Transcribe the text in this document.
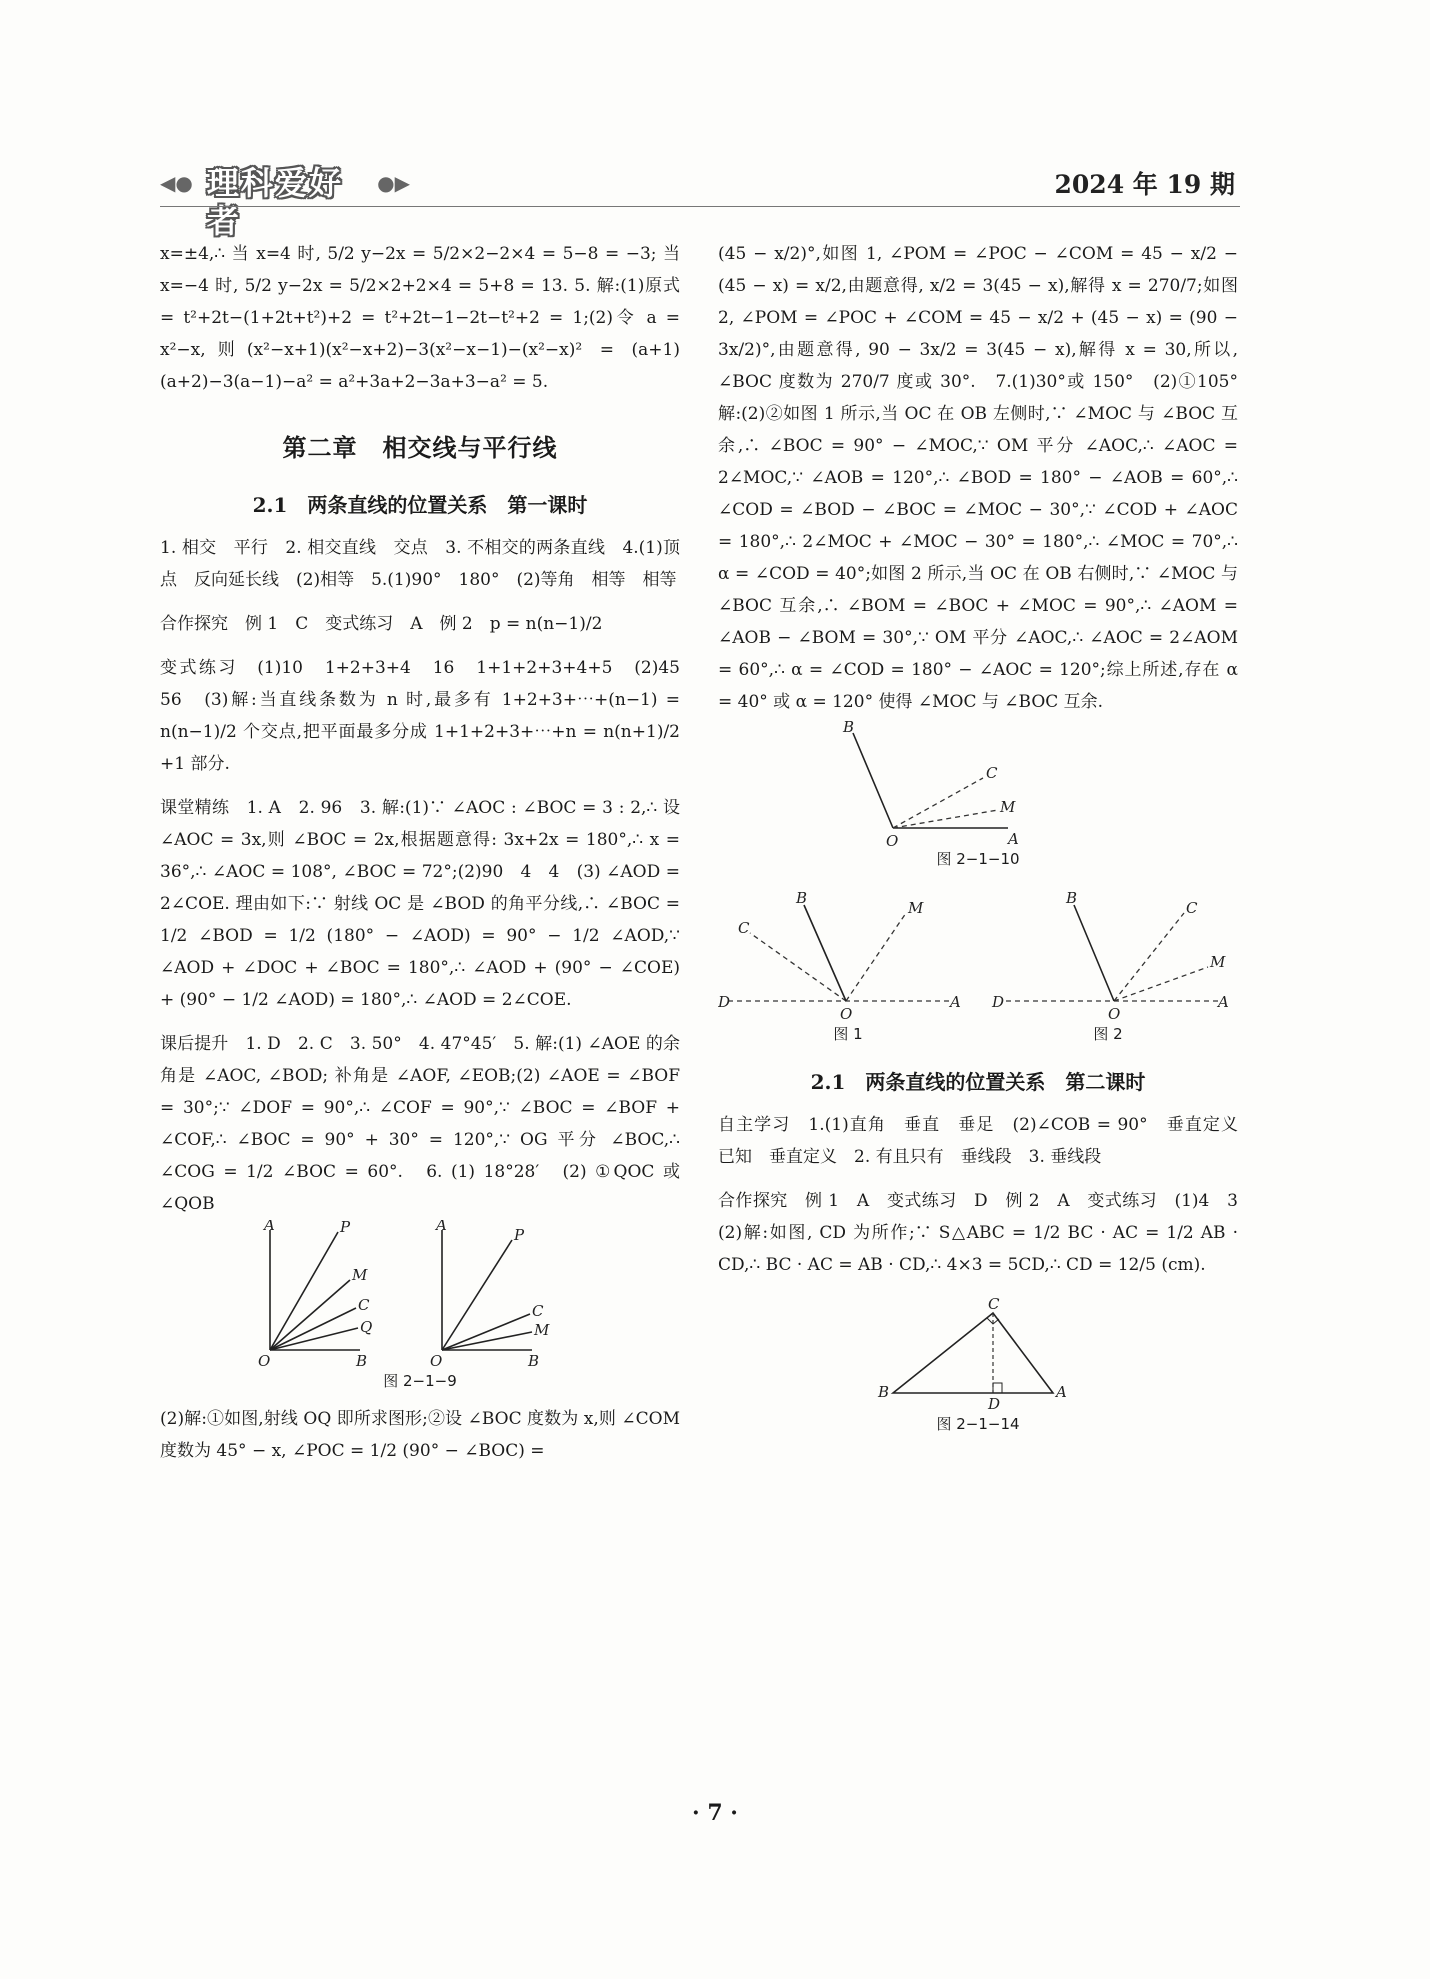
◀● 理科爱好者
●▶	2024 年 19 期

x=±4,∴ 当 x=4 时, 5/2 y−2x = 5/2×2−2×4 = 5−8 = −3; 当 x=−4 时, 5/2 y−2x = 5/2×2+2×4 = 5+8 = 13. 5. 解:(1)原式 = t²+2t−(1+2t+t²)+2 = t²+2t−1−2t−t²+2 = 1;(2)令 a = x²−x,则(x²−x+1)(x²−x+2)−3(x²−x−1)−(x²−x)² = (a+1)(a+2)−3(a−1)−a² = a²+3a+2−3a+3−a² = 5.

第二章　相交线与平行线
2.1　两条直线的位置关系　第一课时

1. 相交　平行　2. 相交直线　交点　3. 不相交的两条直线　4.(1)顶点　反向延长线　(2)相等　5.(1)90°　180°　(2)等角　相等　相等

合作探究　例 1　C　变式练习　A　例 2　p = n(n−1)/2

变式练习　(1)10　1+2+3+4　16　1+1+2+3+4+5　(2)45　56　(3)解:当直线条数为 n 时,最多有 1+2+3+⋯+(n−1) = n(n−1)/2 个交点,把平面最多分成 1+1+2+3+⋯+n = n(n+1)/2 +1 部分.

课堂精练　1. A　2. 96　3. 解:(1)∵ ∠AOC : ∠BOC = 3 : 2,∴ 设 ∠AOC = 3x,则 ∠BOC = 2x,根据题意得: 3x+2x = 180°,∴ x = 36°,∴ ∠AOC = 108°, ∠BOC = 72°;(2)90　4　4　(3) ∠AOD = 2∠COE. 理由如下:∵ 射线 OC 是 ∠BOD 的角平分线,∴ ∠BOC = 1/2 ∠BOD = 1/2 (180° − ∠AOD) = 90° − 1/2 ∠AOD,∵ ∠AOD + ∠DOC + ∠BOC = 180°,∴ ∠AOD + (90° − ∠COE) + (90° − 1/2 ∠AOD) = 180°,∴ ∠AOD = 2∠COE.

课后提升　1. D　2. C　3. 50°　4. 47°45′　5. 解:(1) ∠AOE 的余角是 ∠AOC, ∠BOD; 补角是 ∠AOF, ∠EOB;(2) ∠AOE = ∠BOF = 30°;∵ ∠DOF = 90°,∴ ∠COF = 90°,∵ ∠BOC = ∠BOF + ∠COF,∴ ∠BOC = 90° + 30° = 120°,∵ OG 平分 ∠BOC,∴ ∠COG = 1/2 ∠BOC = 60°.　6. (1) 18°28′　(2) ①QOC 或 ∠QOB

A	P
M
C
Q
B
O
A
P
C
M
B
O
图 2−1−9

(2)解:①如图,射线 OQ 即所求图形;②设 ∠BOC 度数为 x,则 ∠COM 度数为 45° − x, ∠POC = 1/2 (90° − ∠BOC) =

(45 − x/2)°,如图 1, ∠POM = ∠POC − ∠COM = 45 − x/2 − (45 − x) = x/2,由题意得, x/2 = 3(45 − x),解得 x = 270/7;如图 2, ∠POM = ∠POC + ∠COM = 45 − x/2 + (45 − x) = (90 − 3x/2)°,由题意得, 90 − 3x/2 = 3(45 − x),解得 x = 30,所以, ∠BOC 度数为 270/7 度或 30°.　7.(1)30°或 150°　(2)①105°　解:(2)②如图 1 所示,当 OC 在 OB 左侧时,∵ ∠MOC 与 ∠BOC 互余,∴ ∠BOC = 90° − ∠MOC,∵ OM 平分 ∠AOC,∴ ∠AOC = 2∠MOC,∵ ∠AOB = 120°,∴ ∠BOD = 180° − ∠AOB = 60°,∴ ∠COD = ∠BOD − ∠BOC = ∠MOC − 30°,∵ ∠COD + ∠AOC = 180°,∴ 2∠MOC + ∠MOC − 30° = 180°,∴ ∠MOC = 70°,∴ α = ∠COD = 40°;如图 2 所示,当 OC 在 OB 右侧时,∵ ∠MOC 与 ∠BOC 互余,∴ ∠BOM = ∠BOC + ∠MOC = 90°,∴ ∠AOM = ∠AOB − ∠BOM = 30°,∵ OM 平分 ∠AOC,∴ ∠AOC = 2∠AOM = 60°,∴ α = ∠COD = 180° − ∠AOC = 120°;综上所述,存在 α = 40° 或 α = 120° 使得 ∠MOC 与 ∠BOC 互余.

B
C
M
A
O
图 2−1−10
D
C
B
M
A
O
D
B
C
M
A
O
图 1	图 2
2.1　两条直线的位置关系　第二课时

自主学习　1.(1)直角　垂直　垂足　(2)∠COB = 90°　垂直定义　已知　垂直定义　2. 有且只有　垂线段　3. 垂线段

合作探究　例 1　A　变式练习　D　例 2　A　变式练习　(1)4　3　(2)解:如图, CD 为所作;∵ S△ABC = 1/2 BC · AC = 1/2 AB · CD,∴ BC · AC = AB · CD,∴ 4×3 = 5CD,∴ CD = 12/5 (cm).

B
C
A
D
图 2−1−14
· 7 ·
